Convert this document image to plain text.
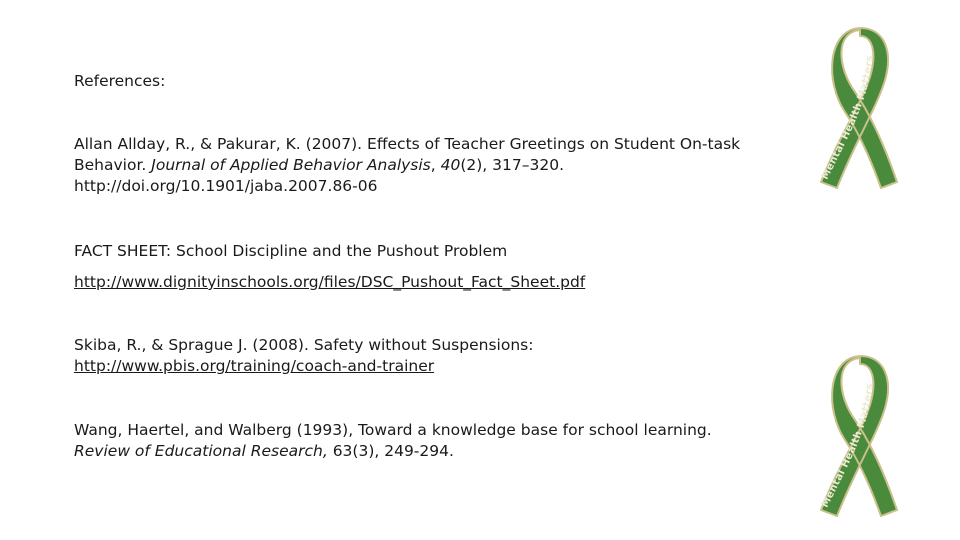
References:
Allan Allday, R., & Pakurar, K. (2007). Effects of Teacher Greetings on Student On-task
Behavior. Journal of Applied Behavior Analysis, 40(2), 317–320.
http://doi.org/10.1901/jaba.2007.86-06
FACT SHEET: School Discipline and the Pushout Problem
http://www.dignityinschools.org/files/DSC_Pushout_Fact_Sheet.pdf
Skiba, R., & Sprague J. (2008). Safety without Suspensions:
http://www.pbis.org/training/coach-and-trainer
Wang, Haertel, and Walberg (1993), Toward a knowledge base for school learning.
Review of Educational Research, 63(3), 249-294.
Mental Health Matters
Mental Health Matters
